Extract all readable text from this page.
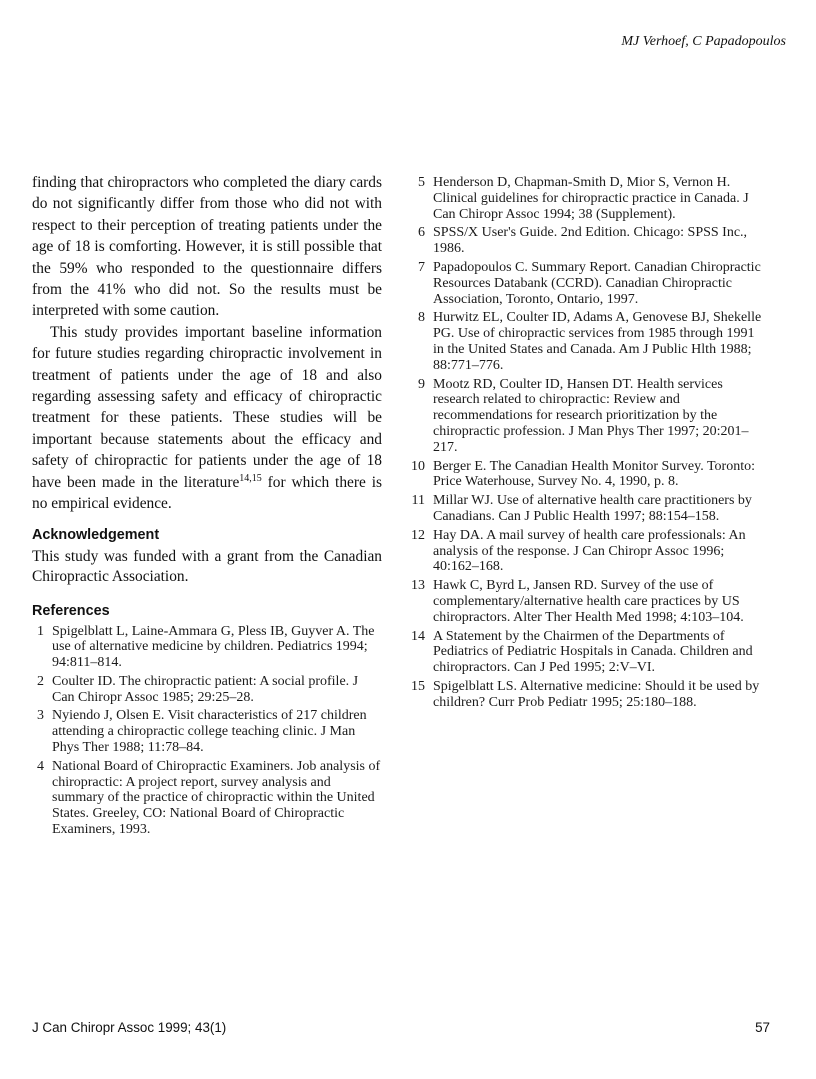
MJ Verhoef, C Papadopoulos

finding that chiropractors who completed the diary cards do not significantly differ from those who did not with respect to their perception of treating patients under the age of 18 is comforting. However, it is still possible that the 59% who responded to the questionnaire differs from the 41% who did not. So the results must be interpreted with some caution.

This study provides important baseline information for future studies regarding chiropractic involvement in treatment of patients under the age of 18 and also regarding assessing safety and efficacy of chiropractic treatment for these patients. These studies will be important because statements about the efficacy and safety of chiropractic for patients under the age of 18 have been made in the literature$^{14,15}$ for which there is no empirical evidence.

Acknowledgement

This study was funded with a grant from the Canadian Chiropractic Association.

References
1 Spigelblatt L, Laine-Ammara G, Pless IB, Guyver A. The use of alternative medicine by children. Pediatrics 1994; 94:811–814.
2 Coulter ID. The chiropractic patient: A social profile. J Can Chiropr Assoc 1985; 29:25–28.
3 Nyiendo J, Olsen E. Visit characteristics of 217 children attending a chiropractic college teaching clinic. J Man Phys Ther 1988; 11:78–84.
4 National Board of Chiropractic Examiners. Job analysis of chiropractic: A project report, survey analysis and summary of the practice of chiropractic within the United States. Greeley, CO: National Board of Chiropractic Examiners, 1993.
5 Henderson D, Chapman-Smith D, Mior S, Vernon H. Clinical guidelines for chiropractic practice in Canada. J Can Chiropr Assoc 1994; 38 (Supplement).
6 SPSS/X User's Guide. 2nd Edition. Chicago: SPSS Inc., 1986.
7 Papadopoulos C. Summary Report. Canadian Chiropractic Resources Databank (CCRD). Canadian Chiropractic Association, Toronto, Ontario, 1997.
8 Hurwitz EL, Coulter ID, Adams A, Genovese BJ, Shekelle PG. Use of chiropractic services from 1985 through 1991 in the United States and Canada. Am J Public Hlth 1988; 88:771–776.
9 Mootz RD, Coulter ID, Hansen DT. Health services research related to chiropractic: Review and recommendations for research prioritization by the chiropractic profession. J Man Phys Ther 1997; 20:201–217.
10 Berger E. The Canadian Health Monitor Survey. Toronto: Price Waterhouse, Survey No. 4, 1990, p. 8.
11 Millar WJ. Use of alternative health care practitioners by Canadians. Can J Public Health 1997; 88:154–158.
12 Hay DA. A mail survey of health care professionals: An analysis of the response. J Can Chiropr Assoc 1996; 40:162–168.
13 Hawk C, Byrd L, Jansen RD. Survey of the use of complementary/alternative health care practices by US chiropractors. Alter Ther Health Med 1998; 4:103–104.
14 A Statement by the Chairmen of the Departments of Pediatrics of Pediatric Hospitals in Canada. Children and chiropractors. Can J Ped 1995; 2:V–VI.
15 Spigelblatt LS. Alternative medicine: Should it be used by children? Curr Prob Pediatr 1995; 25:180–188.
J Can Chiropr Assoc 1999; 43(1)	57
